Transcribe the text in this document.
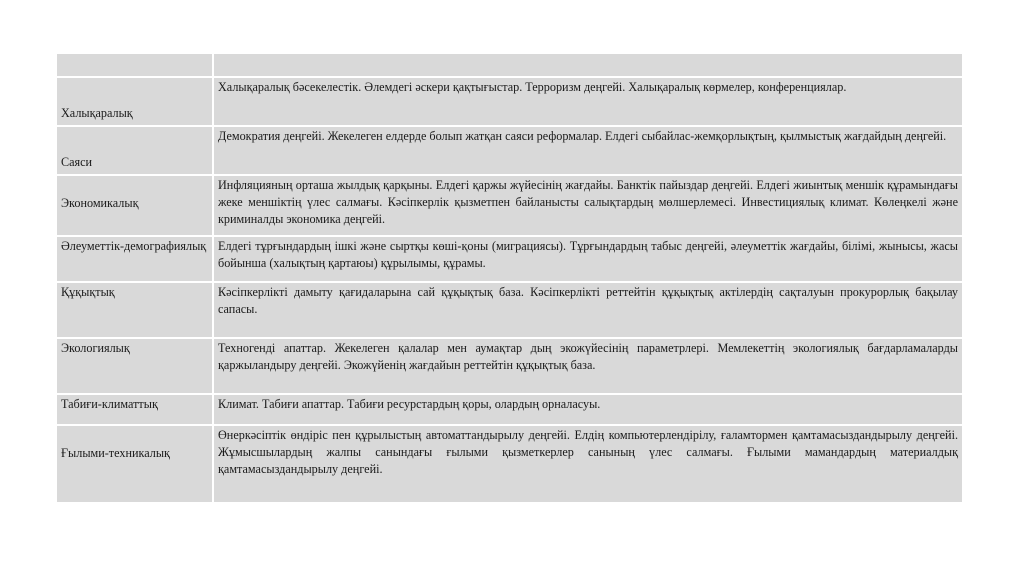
Халықаралық	Халықаралық бәсекелестік. Әлемдегі әскери қақтығыстар. Терроризм деңгейі. Халықаралық көрмелер, конференциялар.
Саяси	Демократия деңгейі. Жекелеген елдерде болып жатқан саяси реформалар. Елдегі сыбайлас-жемқорлықтың, қылмыстық жағдайдың деңгейі.
Экономикалық	Инфляцияның орташа жылдық қарқыны. Елдегі қаржы жүйесінің жағдайы. Банктік пайыздар деңгейі. Елдегі жиынтық меншік құрамындағы жеке меншіктің үлес салмағы. Кәсіпкерлік қызметпен байланысты салықтардың мөлшерлемесі. Инвестициялық климат. Көлеңкелі және криминалды экономика деңгейі.
Әлеуметтік-демографиялық	Елдегі тұрғындардың ішкі және сыртқы көші-қоны (миграциясы). Тұрғындардың табыс деңгейі, әлеуметтік жағдайы, білімі, жынысы, жасы бойынша (халықтың қартаюы) құрылымы, құрамы.
Құқықтық	Кәсіпкерлікті дамыту қағидаларына сай құқықтық база. Кәсіпкерлікті реттейтін құқықтық актілердің сақталуын прокурорлық бақылау сапасы.
Экологиялық	Техногенді апаттар. Жекелеген қалалар мен аумақтар дың экожүйесінің параметрлері. Мемлекеттің экологиялық бағдарламаларды қаржыландыру деңгейі. Экожүйенің жағдайын реттейтін құқықтық база.
Табиғи-климаттық	Климат. Табиғи апаттар. Табиғи ресурстардың қоры, олардың орналасуы.
Ғылыми-техникалық	Өнеркәсіптік өндіріс пен құрылыстың автоматтандырылу деңгейі. Елдің компьютерлендірілу, ғаламтормен қамтамасыздандырылу деңгейі. Жұмысшылардың жалпы санындағы ғылыми қызметкерлер санының үлес салмағы. Ғылыми мамандардың материалдық қамтамасыздандырылу деңгейі.
